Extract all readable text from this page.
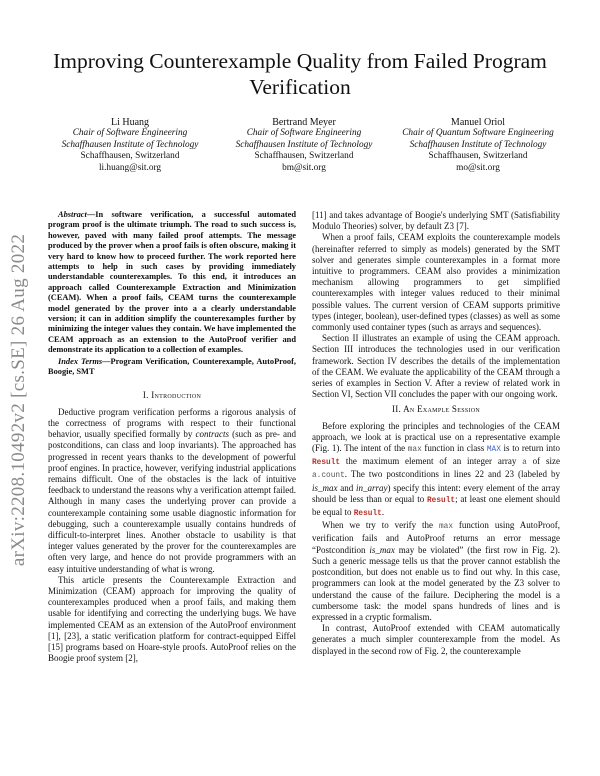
arXiv:2208.10492v2 [cs.SE] 26 Aug 2022
Improving Counterexample Quality from Failed Program Verification
Li Huang
Chair of Software Engineering
Schaffhausen Institute of Technology
Schaffhausen, Switzerland
li.huang@sit.org
Bertrand Meyer
Chair of Software Engineering
Schaffhausen Institute of Technology
Schaffhausen, Switzerland
bm@sit.org
Manuel Oriol
Chair of Quantum Software Engineering
Schaffhausen Institute of Technology
Schaffhausen, Switzerland
mo@sit.org

Abstract—In software verification, a successful automated program proof is the ultimate triumph. The road to such success is, however, paved with many failed proof attempts. The message produced by the prover when a proof fails is often obscure, making it very hard to know how to proceed further. The work reported here attempts to help in such cases by providing immediately understandable counterexamples. To this end, it introduces an approach called Counterexample Extraction and Minimization (CEAM). When a proof fails, CEAM turns the counterexample model generated by the prover into a a clearly understandable version; it can in addition simplify the counterexamples further by minimizing the integer values they contain. We have implemented the CEAM approach as an extension to the AutoProof verifier and demonstrate its application to a collection of examples.

Index Terms—Program Verification, Counterexample, AutoProof, Boogie, SMT

I. Introduction

Deductive program verification performs a rigorous analysis of the correctness of programs with respect to their functional behavior, usually specified formally by contracts (such as pre- and postconditions, can class and loop invariants). The approached has progressed in recent years thanks to the development of powerful proof engines. In practice, however, verifying industrial applications remains difficult. One of the obstacles is the lack of intuitive feedback to understand the reasons why a verification attempt failed. Although in many cases the underlying prover can provide a counterexample containing some usable diagnostic information for debugging, such a counterexample usually contains hundreds of difficult-to-interpret lines. Another obstacle to usability is that integer values generated by the prover for the counterexamples are often very large, and hence do not provide programmers with an easy intuitive understanding of what is wrong.

This article presents the Counterexample Extraction and Minimization (CEAM) approach for improving the quality of counterexamples produced when a proof fails, and making them usable for identifying and correcting the underlying bugs. We have implemented CEAM as an extension of the AutoProof environment [1], [23], a static verification platform for contract-equipped Eiffel [15] programs based on Hoare-style proofs. AutoProof relies on the Boogie proof system [2],

[11] and takes advantage of Boogie's underlying SMT (Satisfiability Modulo Theories) solver, by default Z3 [7].

When a proof fails, CEAM exploits the counterexample models (hereinafter referred to simply as models) generated by the SMT solver and generates simple counterexamples in a format more intuitive to programmers. CEAM also provides a minimization mechanism allowing programmers to get simplified counterexamples with integer values reduced to their minimal possible values. The current version of CEAM supports primitive types (integer, boolean), user-defined types (classes) as well as some commonly used container types (such as arrays and sequences).

Section II illustrates an example of using the CEAM approach. Section III introduces the technologies used in our verification framework. Section IV describes the details of the implementation of the CEAM. We evaluate the applicability of the CEAM through a series of examples in Section V. After a review of related work in Section VI, Section VII concludes the paper with our ongoing work.

II. An Example Session

Before exploring the principles and technologies of the CEAM approach, we look at is practical use on a representative example (Fig. 1). The intent of the max function in class MAX is to return into Result the maximum element of an integer array a of size a.count. The two postconditions in lines 22 and 23 (labeled by is_max and in_array) specify this intent: every element of the array should be less than or equal to Result; at least one element should be equal to Result.

When we try to verify the max function using AutoProof, verification fails and AutoProof returns an error message “Postcondition is_max may be violated” (the first row in Fig. 2). Such a generic message tells us that the prover cannot establish the postcondition, but does not enable us to find out why. In this case, programmers can look at the model generated by the Z3 solver to understand the cause of the failure. Deciphering the model is a cumbersome task: the model spans hundreds of lines and is expressed in a cryptic formalism.

In contrast, AutoProof extended with CEAM automatically generates a much simpler counterexample from the model. As displayed in the second row of Fig. 2, the counterexample
